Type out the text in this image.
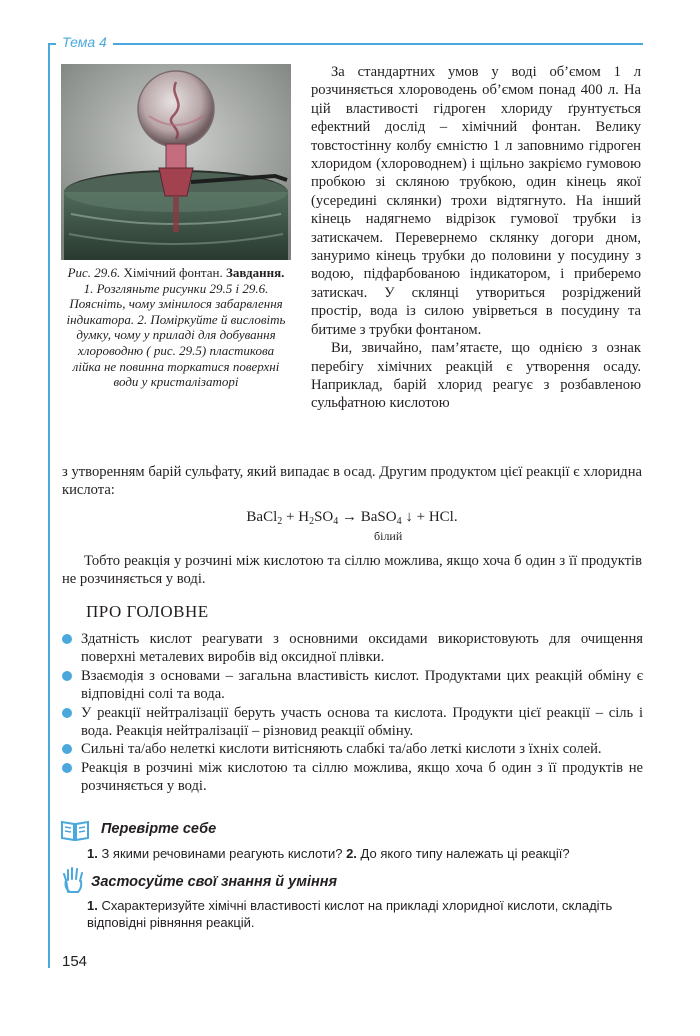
Тема 4
Рис. 29.6. Хімічний фонтан. Завдання. 1. Розгляньте рисунки 29.5 і 29.6. Поясніть, чому змінилося забарвлення індикатора. 2. Поміркуйте й висловіть думку, чому у приладі для добування хлороводню ( рис. 29.5) пластикова лійка не повинна торкатися поверхні води у кристалізаторі

За стандартних умов у воді об’ємом 1 л розчиняється хлороводень об’ємом понад 400 л. На цій властивості гідроген хлориду ґрунтується ефектний дослід – хімічний фонтан. Велику товстостінну колбу ємністю 1 л заповнимо гідроген хлоридом (хлороводнем) і щільно закріємо гумовою пробкою зі скляною трубкою, один кінець якої (усередині склянки) трохи відтягнуто. На інший кінець надягнемо відрізок гумової трубки із затискачем. Перевернемо склянку догори дном, зануримо кінець трубки до половини у посудину з водою, підфарбованою індикатором, і приберемо затискач. У склянці утвориться розріджений простір, вода із силою увірветься в посудину та битиме з трубки фонтаном.

Ви, звичайно, пам’ятаєте, що однією з ознак перебігу хімічних реакцій є утворення осаду. Наприклад, барій хлорид реагує з розбавленою сульфатною кислотою

з утворенням барій сульфату, який випадає в осад. Другим продуктом цієї реакції є хлоридна кислота:

BaCl$_2$ + $H_2SO_4$ → BaSO$_4$ ↓ + HCl.
білий

Тобто реакція у розчині між кислотою та сіллю можлива, якщо хоча б один з її продуктів не розчиняється у воді.

ПРО ГОЛОВНЕ
Здатність кислот реагувати з основними оксидами використовують для очищення поверхні металевих виробів від оксидної плівки.
Взаємодія з основами – загальна властивість кислот. Продуктами цих реакцій обміну є відповідні солі та вода.
У реакції нейтралізації беруть участь основа та кислота. Продукти цієї реакції – сіль і вода. Реакція нейтралізації – різновид реакції обміну.
Сильні та/або нелеткі кислоти витісняють слабкі та/або леткі кислоти з їхніх солей.
Реакція в розчині між кислотою та сіллю можлива, якщо хоча б один з її продуктів не розчиняється у воді.
Перевірте себе
1. З якими речовинами реагують кислоти? 2. До якого типу належать ці реакції?
Застосуйте свої знання й уміння
1. Схарактеризуйте хімічні властивості кислот на прикладі хлоридної кислоти, складіть відповідні рівняння реакцій.
154
